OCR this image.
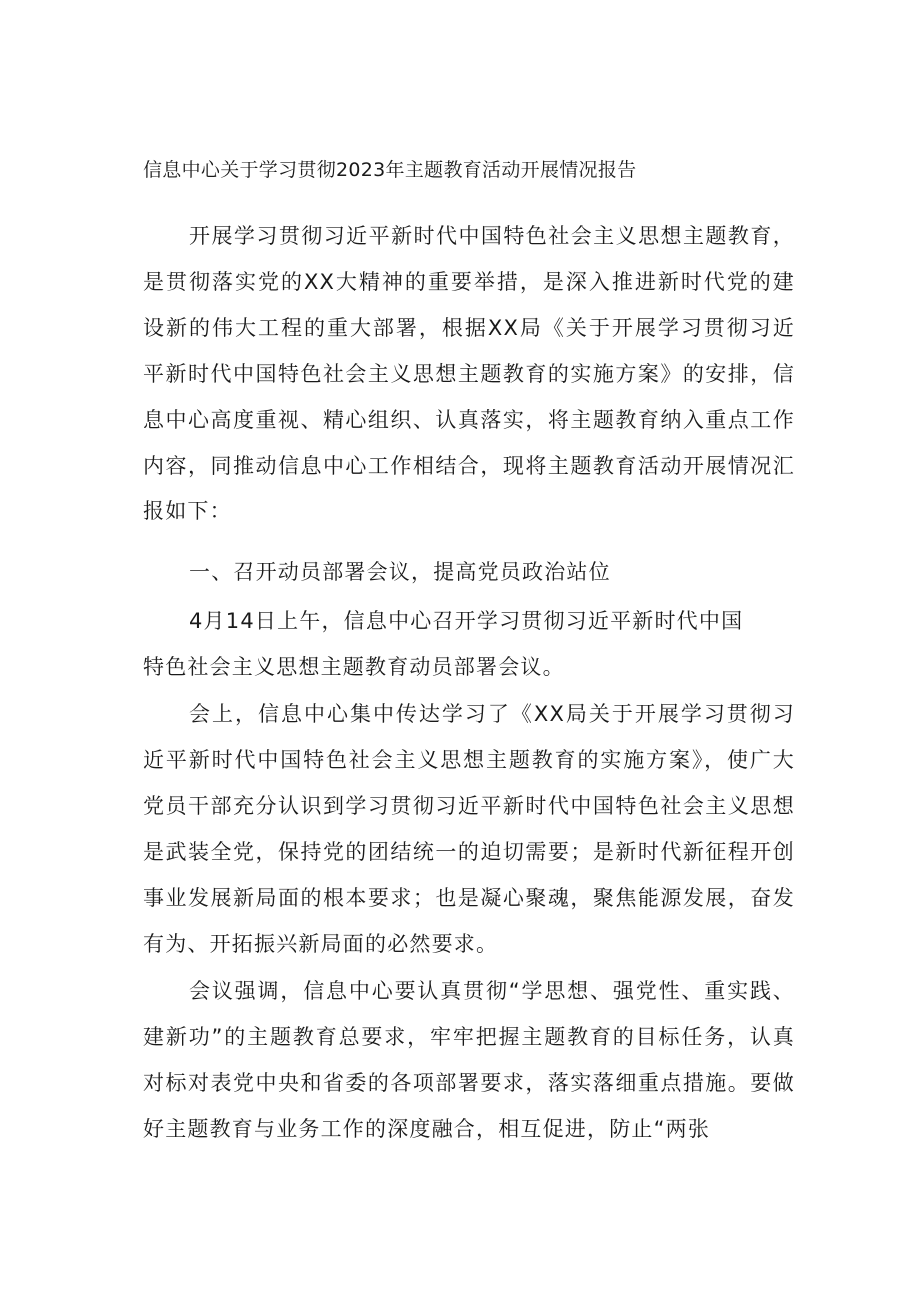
信息中心关于学习贯彻2023年主题教育活动开展情况报告
开展学习贯彻习近平新时代中国特色社会主义思想主题教育，是贯彻落实党的XX大精神的重要举措，是深入推进新时代党的建设新的伟大工程的重大部署，根据XX局《关于开展学习贯彻习近平新时代中国特色社会主义思想主题教育的实施方案》的安排，信息中心高度重视、精心组织、认真落实，将主题教育纳入重点工作内容，同推动信息中心工作相结合，现将主题教育活动开展情况汇报如下：
一、召开动员部署会议，提高党员政治站位
4月14日上午，信息中心召开学习贯彻习近平新时代中国
特色社会主义思想主题教育动员部署会议。
会上，信息中心集中传达学习了《XX局关于开展学习贯彻习近平新时代中国特色社会主义思想主题教育的实施方案》，使广大党员干部充分认识到学习贯彻习近平新时代中国特色社会主义思想是武装全党，保持党的团结统一的迫切需要；是新时代新征程开创事业发展新局面的根本要求；也是凝心聚魂，聚焦能源发展，奋发有为、开拓振兴新局面的必然要求。
会议强调，信息中心要认真贯彻“学思想、强党性、重实践、建新功”的主题教育总要求，牢牢把握主题教育的目标任务，认真对标对表党中央和省委的各项部署要求，落实落细重点措施。要做好主题教育与业务工作的深度融合，相互促进，防止“两张
